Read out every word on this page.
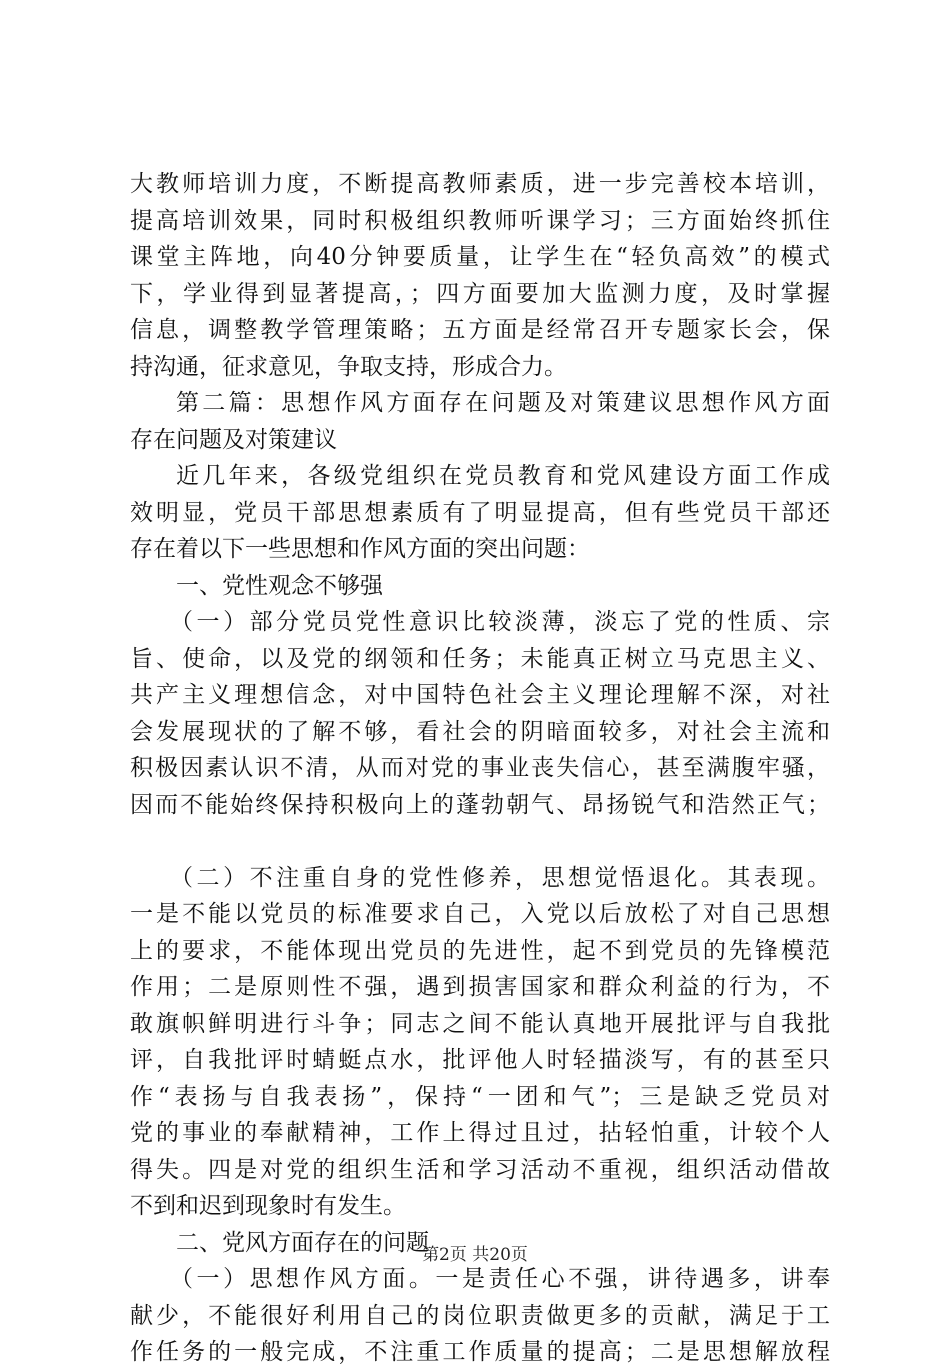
大教师培训力度，不断提高教师素质，进一步完善校本培训，
提高培训效果，同时积极组织教师听课学习；三方面始终抓住
课堂主阵地，向40分钟要质量，让学生在“轻负高效”的模式
下，学业得到显著提高，；四方面要加大监测力度，及时掌握
信息，调整教学管理策略；五方面是经常召开专题家长会，保
持沟通，征求意见，争取支持，形成合力。
第二篇：思想作风方面存在问题及对策建议思想作风方面
存在问题及对策建议
近几年来，各级党组织在党员教育和党风建设方面工作成
效明显，党员干部思想素质有了明显提高，但有些党员干部还
存在着以下一些思想和作风方面的突出问题：
一、党性观念不够强
（一）部分党员党性意识比较淡薄，淡忘了党的性质、宗
旨、使命，以及党的纲领和任务；未能真正树立马克思主义、
共产主义理想信念，对中国特色社会主义理论理解不深，对社
会发展现状的了解不够，看社会的阴暗面较多，对社会主流和
积极因素认识不清，从而对党的事业丧失信心，甚至满腹牢骚，
因而不能始终保持积极向上的蓬勃朝气、昂扬锐气和浩然正气；
（二）不注重自身的党性修养，思想觉悟退化。其表现。
一是不能以党员的标准要求自己，入党以后放松了对自己思想
上的要求，不能体现出党员的先进性，起不到党员的先锋模范
作用；二是原则性不强，遇到损害国家和群众利益的行为，不
敢旗帜鲜明进行斗争；同志之间不能认真地开展批评与自我批
评，自我批评时蜻蜓点水，批评他人时轻描淡写，有的甚至只
作“表扬与自我表扬”，保持“一团和气”；三是缺乏党员对
党的事业的奉献精神，工作上得过且过，拈轻怕重，计较个人
得失。四是对党的组织生活和学习活动不重视，组织活动借故
不到和迟到现象时有发生。
二、党风方面存在的问题
（一）思想作风方面。一是责任心不强，讲待遇多，讲奉
献少，不能很好利用自己的岗位职责做更多的贡献，满足于工
作任务的一般完成，不注重工作质量的提高；二是思想解放程
第2页 共20页
